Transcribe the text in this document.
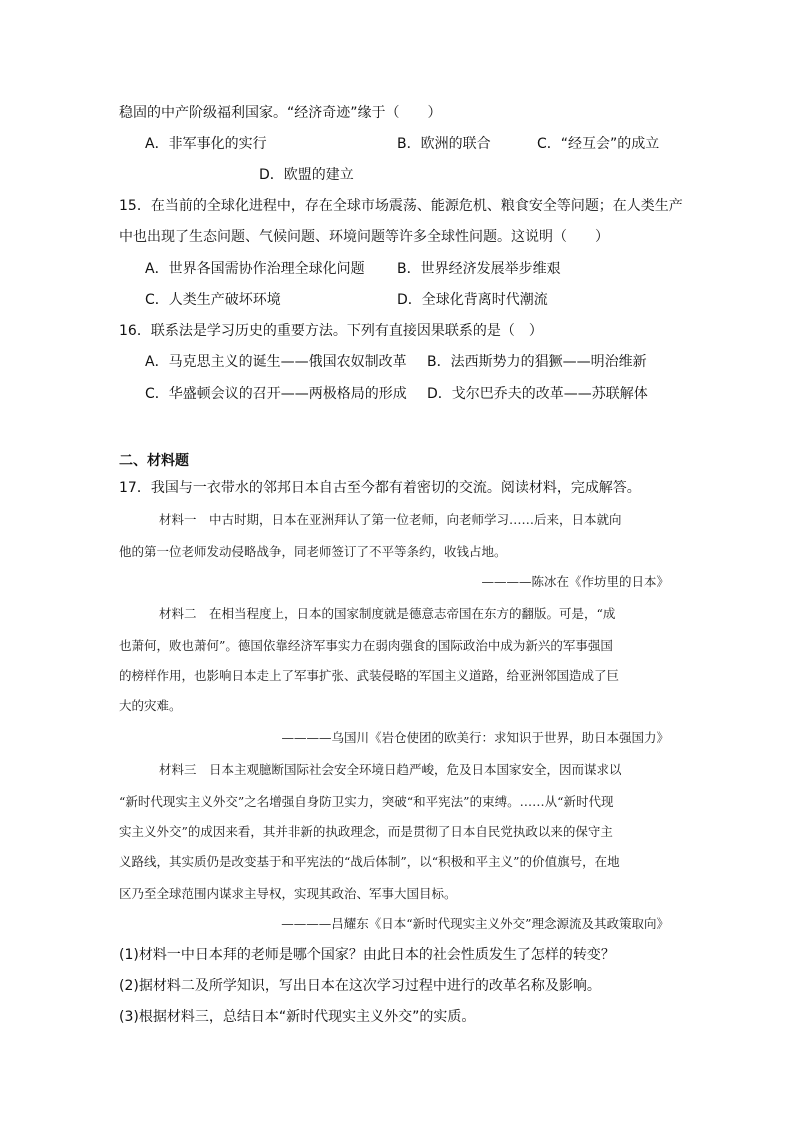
稳固的中产阶级福利国家。“经济奇迹”缘于（　　）
A．非军事化的实行	B．欧洲的联合	C．“经互会”的成立
D．欧盟的建立
15．在当前的全球化进程中，存在全球市场震荡、能源危机、粮食安全等问题；在人类生产
中也出现了生态问题、气候问题、环境问题等许多全球性问题。这说明（　　）
A．世界各国需协作治理全球化问题 B．世界经济发展举步维艰
C．人类生产破坏环境	D．全球化背离时代潮流
16．联系法是学习历史的重要方法。下列有直接因果联系的是（　）
A．马克思主义的诞生——俄国农奴制改革 B．法西斯势力的猖獗——明治维新
C．华盛顿会议的召开——两极格局的形成 D．戈尔巴乔夫的改革——苏联解体
二、材料题
17．我国与一衣带水的邻邦日本自古至今都有着密切的交流。阅读材料，完成解答。
材料一　中古时期，日本在亚洲拜认了第一位老师，向老师学习……后来，日本就向
他的第一位老师发动侵略战争，同老师签订了不平等条约，收钱占地。
————陈冰在《作坊里的日本》
材料二　在相当程度上，日本的国家制度就是德意志帝国在东方的翻版。可是，“成
也萧何，败也萧何”。德国依靠经济军事实力在弱肉强食的国际政治中成为新兴的军事强国
的榜样作用，也影响日本走上了军事扩张、武装侵略的军国主义道路，给亚洲邻国造成了巨
大的灾难。
————乌国川《岩仓使团的欧美行：求知识于世界，助日本强国力》
材料三　日本主观臆断国际社会安全环境日趋严峻，危及日本国家安全，因而谋求以
“新时代现实主义外交”之名增强自身防卫实力，突破“和平宪法”的束缚。……从“新时代现
实主义外交”的成因来看，其并非新的执政理念，而是贯彻了日本自民党执政以来的保守主
义路线，其实质仍是改变基于和平宪法的“战后体制”，以“积极和平主义”的价值旗号，在地
区乃至全球范围内谋求主导权，实现其政治、军事大国目标。
————吕耀东《日本“新时代现实主义外交”理念源流及其政策取向》
(1)材料一中日本拜的老师是哪个国家？由此日本的社会性质发生了怎样的转变？
(2)据材料二及所学知识，写出日本在这次学习过程中进行的改革名称及影响。
(3)根据材料三，总结日本“新时代现实主义外交”的实质。
